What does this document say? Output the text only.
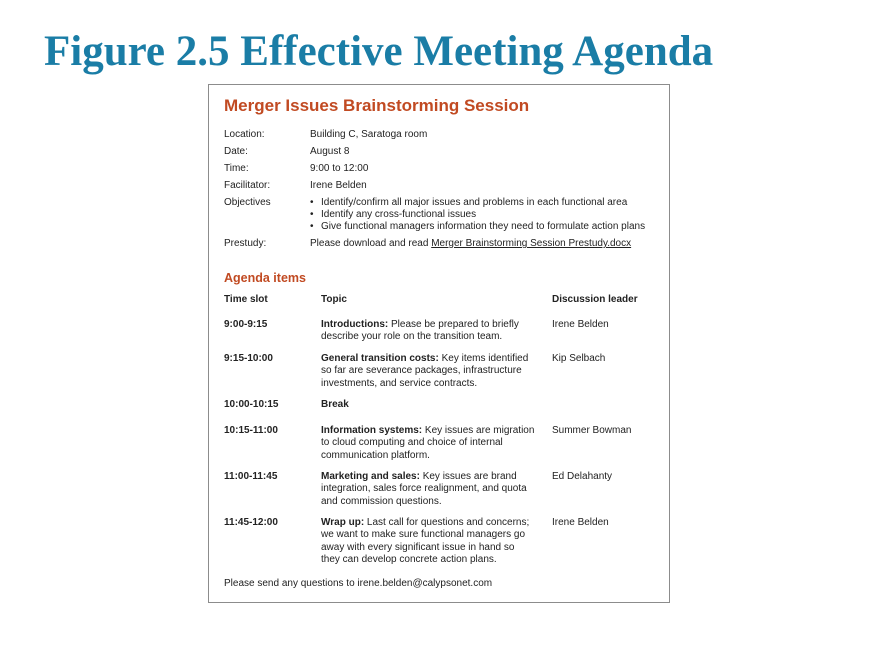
Figure 2.5 Effective Meeting Agenda
Merger Issues Brainstorming Session
Location:	Building C, Saratoga room
Date:	August 8
Time:	9:00 to 12:00
Facilitator:	Irene Belden
Objectives
•	Identify/confirm all major issues and problems in each functional area
• Identify any cross-functional issues
• Give functional managers information they need to formulate action plans
Prestudy:	Please download and read Merger Brainstorming Session Prestudy.docx
Agenda items
Time slot	Topic	Discussion leader
9:00-9:15	Introductions: Please be prepared to briefly describe your role on the transition team.
Irene Belden
9:15-10:00	General transition costs: Key items identified so far are severance packages, infrastructure investments, and service contracts.
Kip Selbach
10:00-10:15	Break
10:15-11:00	Information systems: Key issues are migration to cloud computing and choice of internal communication platform.
Summer Bowman
11:00-11:45	Marketing and sales: Key issues are brand integration, sales force realignment, and quota and commission questions.
Ed Delahanty
11:45-12:00	Wrap up: Last call for questions and concerns; we want to make sure functional managers go away with every significant issue in hand so they can develop concrete action plans.
Irene Belden
Please send any questions to irene.belden@calypsonet.com
